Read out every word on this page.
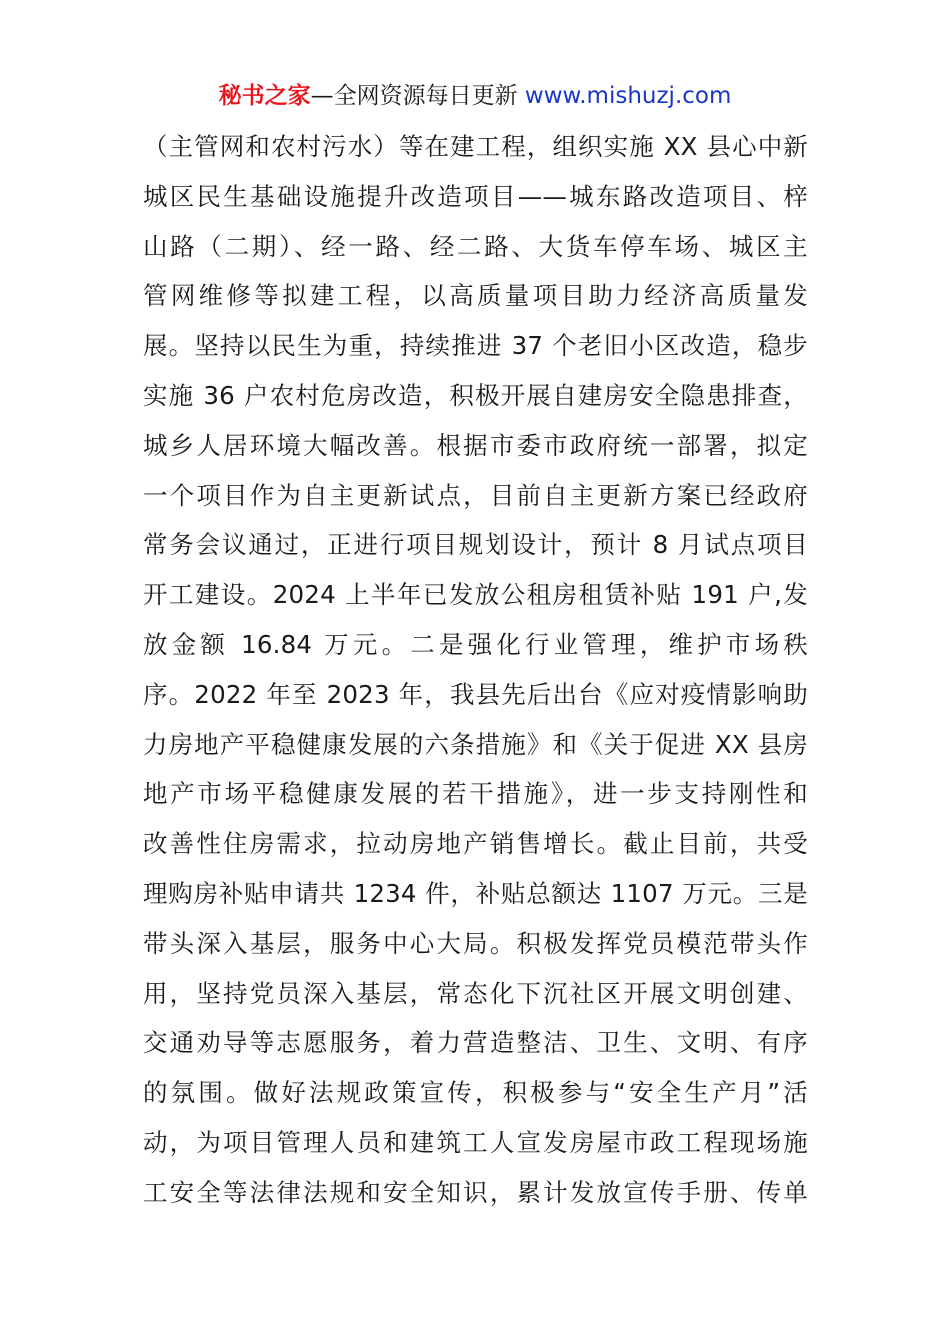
秘书之家—全网资源每日更新 www.mishuzj.com
（主管网和农村污水）等在建工程，组织实施 XX 县心中新
城区民生基础设施提升改造项目——城东路改造项目、梓
山路（二期）、经一路、经二路、大货车停车场、城区主
管网维修等拟建工程，以高质量项目助力经济高质量发
展。坚持以民生为重，持续推进 37 个老旧小区改造，稳步
实施 36 户农村危房改造，积极开展自建房安全隐患排查，
城乡人居环境大幅改善。根据市委市政府统一部署，拟定
一个项目作为自主更新试点，目前自主更新方案已经政府
常务会议通过，正进行项目规划设计，预计 8 月试点项目
开工建设。2024 上半年已发放公租房租赁补贴 191 户,发
放金额 16.84 万元。二是强化行业管理，维护市场秩
序。2022 年至 2023 年，我县先后出台《应对疫情影响助
力房地产平稳健康发展的六条措施》和《关于促进 XX 县房
地产市场平稳健康发展的若干措施》，进一步支持刚性和
改善性住房需求，拉动房地产销售增长。截止目前，共受
理购房补贴申请共 1234 件，补贴总额达 1107 万元。三是
带头深入基层，服务中心大局。积极发挥党员模范带头作
用，坚持党员深入基层，常态化下沉社区开展文明创建、
交通劝导等志愿服务，着力营造整洁、卫生、文明、有序
的氛围。做好法规政策宣传，积极参与“安全生产月”活
动，为项目管理人员和建筑工人宣发房屋市政工程现场施
工安全等法律法规和安全知识，累计发放宣传手册、传单
